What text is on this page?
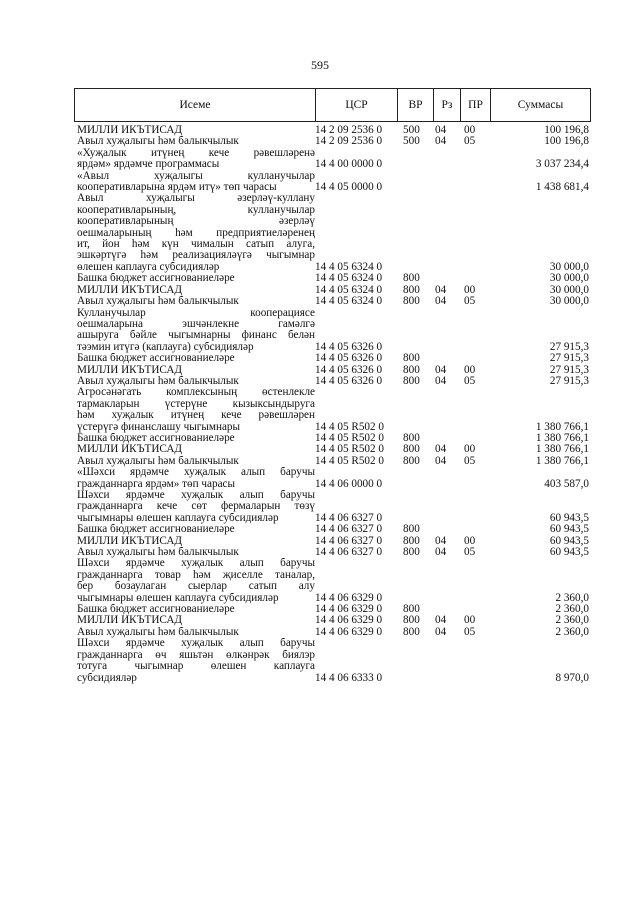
595
Исеме	ЦСР	ВР	Рз	ПР	Суммасы
МИЛЛИ ИКЪТИСАД	14 2 09 2536 0	500	04	00	100 196,8
Авыл хуҗалыгы һәм балыкчылык	14 2 09 2536 0	500	04	05	100 196,8
«Хуҗалык итүнең кече рәвешләренә
ярдәм» ярдәмче программасы	14 4 00 0000 0	3 037 234,4
«Авыл хуҗалыгы кулланучылар
кооперативларына ярдәм итү» төп чарасы	14 4 05 0000 0	1 438 681,4
Авыл хуҗалыгы әзерләү-куллану
кооперативларының, кулланучылар
кооперативларының әзерләү
оешмаларының һәм предприятиеләренең
ит, йон һәм күн чималын сатып алуга,
эшкәртүгә һәм реализацияләүгә чыгымнар
өлешен каплауга субсидияләр	14 4 05 6324 0	30 000,0
Башка бюджет ассигнованиеләре	14 4 05 6324 0	800	30 000,0
МИЛЛИ ИКЪТИСАД	14 4 05 6324 0	800	04	00	30 000,0
Авыл хуҗалыгы һәм балыкчылык	14 4 05 6324 0	800	04	05	30 000,0
Кулланучылар кооперациясе
оешмаларына эшчәнлекне гамәлгә
ашыруга бәйле чыгымнарны финанс белән
тәэмин итүгә (каплауга) субсидияләр	14 4 05 6326 0	27 915,3
Башка бюджет ассигнованиеләре	14 4 05 6326 0	800	27 915,3
МИЛЛИ ИКЪТИСАД	14 4 05 6326 0	800	04	00	27 915,3
Авыл хуҗалыгы һәм балыкчылык	14 4 05 6326 0	800	04	05	27 915,3
Агросәнәгать комплексының өстенлекле
тармакларын үстерүне кызыксындыруга
һәм хуҗалык итүнең кече рәвешләрен
үстерүгә финанслашу чыгымнары	14 4 05 R502 0	1 380 766,1
Башка бюджет ассигнованиеләре	14 4 05 R502 0	800	1 380 766,1
МИЛЛИ ИКЪТИСАД	14 4 05 R502 0	800	04	00	1 380 766,1
Авыл хуҗалыгы һәм балыкчылык	14 4 05 R502 0	800	04	05	1 380 766,1
«Шәхси ярдәмче хуҗалык алып баручы
гражданнарга ярдәм» төп чарасы	14 4 06 0000 0	403 587,0
Шәхси ярдәмче хуҗалык алып баручы
гражданнарга кече сөт фермаларын төзү
чыгымнары өлешен каплауга субсидияләр	14 4 06 6327 0	60 943,5
Башка бюджет ассигнованиеләре	14 4 06 6327 0	800	60 943,5
МИЛЛИ ИКЪТИСАД	14 4 06 6327 0	800	04	00	60 943,5
Авыл хуҗалыгы һәм балыкчылык	14 4 06 6327 0	800	04	05	60 943,5
Шәхси ярдәмче хуҗалык алып баручы
гражданнарга товар һәм җиселле таналар,
бер бозаулаган сыерлар сатып алу
чыгымнары өлешен каплауга субсидияләр	14 4 06 6329 0	2 360,0
Башка бюджет ассигнованиеләре	14 4 06 6329 0	800	2 360,0
МИЛЛИ ИКЪТИСАД	14 4 06 6329 0	800	04	00	2 360,0
Авыл хуҗалыгы һәм балыкчылык	14 4 06 6329 0	800	04	05	2 360,0
Шәхси ярдәмче хуҗалык алып баручы
гражданнарга өч яшьтән өлкәнрәк биялэр
тотуга чыгымнар өлешен каплауга
субсидияләр	14 4 06 6333 0	8 970,0
